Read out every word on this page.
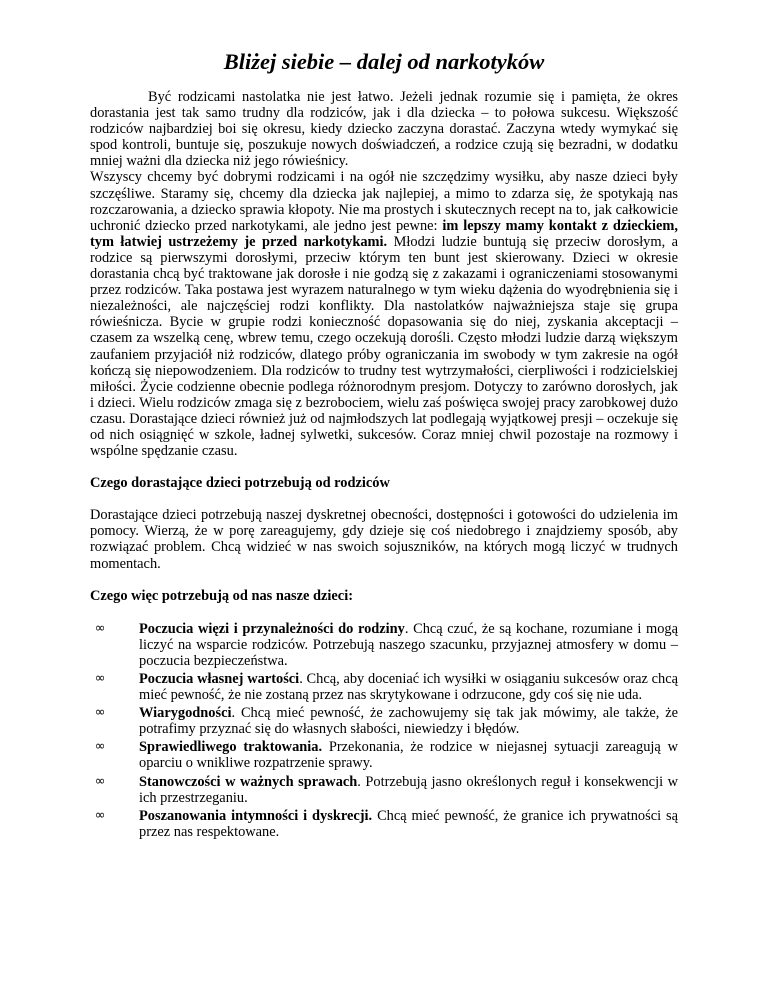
Bliżej siebie – dalej od narkotyków

Być rodzicami nastolatka nie jest łatwo. Jeżeli jednak rozumie się i pamięta, że okres dorastania jest tak samo trudny dla rodziców, jak i dla dziecka – to połowa sukcesu. Większość rodziców najbardziej boi się okresu, kiedy dziecko zaczyna dorastać. Zaczyna wtedy wymykać się spod kontroli, buntuje się, poszukuje nowych doświadczeń, a rodzice czują się bezradni, w dodatku mniej ważni dla dziecka niż jego rówieśnicy.

Wszyscy chcemy być dobrymi rodzicami i na ogół nie szczędzimy wysiłku, aby nasze dzieci były szczęśliwe. Staramy się, chcemy dla dziecka jak najlepiej, a mimo to zdarza się, że spotykają nas rozczarowania, a dziecko sprawia kłopoty. Nie ma prostych i skutecznych recept na to, jak całkowicie uchronić dziecko przed narkotykami, ale jedno jest pewne: im lepszy mamy kontakt z dzieckiem, tym łatwiej ustrzeżemy je przed narkotykami. Młodzi ludzie buntują się przeciw dorosłym, a rodzice są pierwszymi dorosłymi, przeciw którym ten bunt jest skierowany. Dzieci w okresie dorastania chcą być traktowane jak dorosłe i nie godzą się z zakazami i ograniczeniami stosowanymi przez rodziców. Taka postawa jest wyrazem naturalnego w tym wieku dążenia do wyodrębnienia się i niezależności, ale najczęściej rodzi konflikty. Dla nastolatków najważniejsza staje się grupa rówieśnicza. Bycie w grupie rodzi konieczność dopasowania się do niej, zyskania akceptacji – czasem za wszelką cenę, wbrew temu, czego oczekują dorośli. Często młodzi ludzie darzą większym zaufaniem przyjaciół niż rodziców, dlatego próby ograniczania im swobody w tym zakresie na ogół kończą się niepowodzeniem. Dla rodziców to trudny test wytrzymałości, cierpliwości i rodzicielskiej miłości. Życie codzienne obecnie podlega różnorodnym presjom. Dotyczy to zarówno dorosłych, jak i dzieci. Wielu rodziców zmaga się z bezrobociem, wielu zaś poświęca swojej pracy zarobkowej dużo czasu. Dorastające dzieci również już od najmłodszych lat podlegają wyjątkowej presji – oczekuje się od nich osiągnięć w szkole, ładnej sylwetki, sukcesów. Coraz mniej chwil pozostaje na rozmowy i wspólne spędzanie czasu.

Czego dorastające dzieci potrzebują od rodziców

Dorastające dzieci potrzebują naszej dyskretnej obecności, dostępności i gotowości do udzielenia im pomocy. Wierzą, że w porę zareagujemy, gdy dzieje się coś niedobrego i znajdziemy sposób, aby rozwiązać problem. Chcą widzieć w nas swoich sojuszników, na których mogą liczyć w trudnych momentach.

Czego więc potrzebują od nas nasze dzieci:

∞	Poczucia więzi i przynależności do rodziny. Chcą czuć, że są kochane, rozumiane i mogą liczyć na wsparcie rodziców. Potrzebują naszego szacunku, przyjaznej atmosfery w domu – poczucia bezpieczeństwa.
∞	Poczucia własnej wartości. Chcą, aby doceniać ich wysiłki w osiąganiu sukcesów oraz chcą mieć pewność, że nie zostaną przez nas skrytykowane i odrzucone, gdy coś się nie uda.
∞	Wiarygodności. Chcą mieć pewność, że zachowujemy się tak jak mówimy, ale także, że potrafimy przyznać się do własnych słabości, niewiedzy i błędów.
∞	Sprawiedliwego traktowania. Przekonania, że rodzice w niejasnej sytuacji zareagują w oparciu o wnikliwe rozpatrzenie sprawy.
∞	Stanowczości w ważnych sprawach. Potrzebują jasno określonych reguł i konsekwencji w ich przestrzeganiu.
∞	Poszanowania intymności i dyskrecji. Chcą mieć pewność, że granice ich prywatności są przez nas respektowane.
